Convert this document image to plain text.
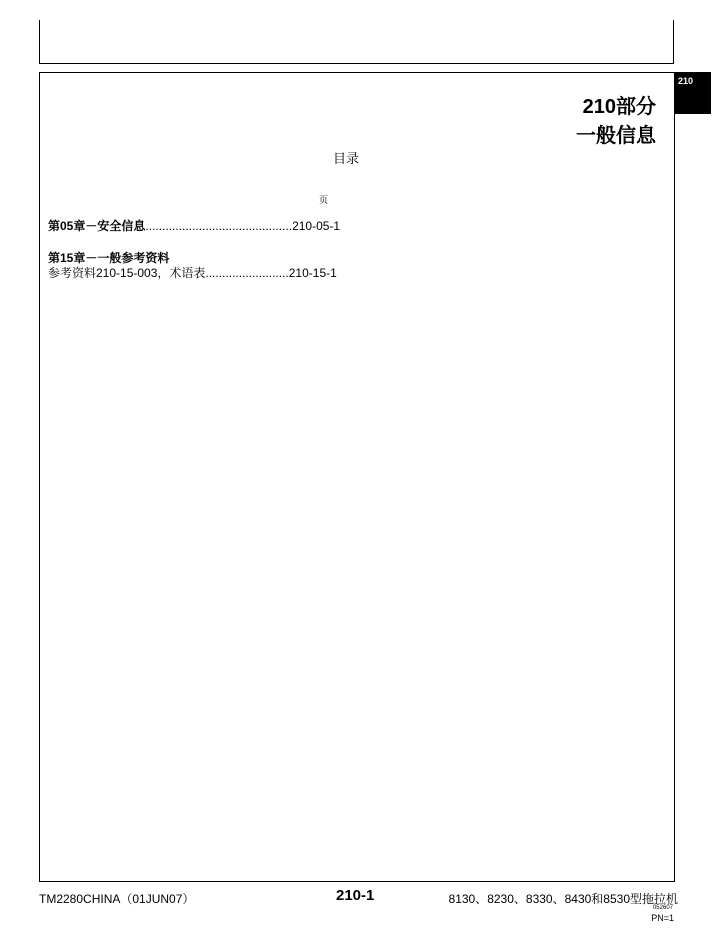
210
210部分
一般信息
目录
页
第05章－安全信息............................................210-05-1
第15章－一般参考资料
参考资料210-15-003，术语表.........................210-15-1
TM2280CHINA（01JUN07）	210-1	8130、8230、8330、8430和8530型拖拉机
052607
PN=1
